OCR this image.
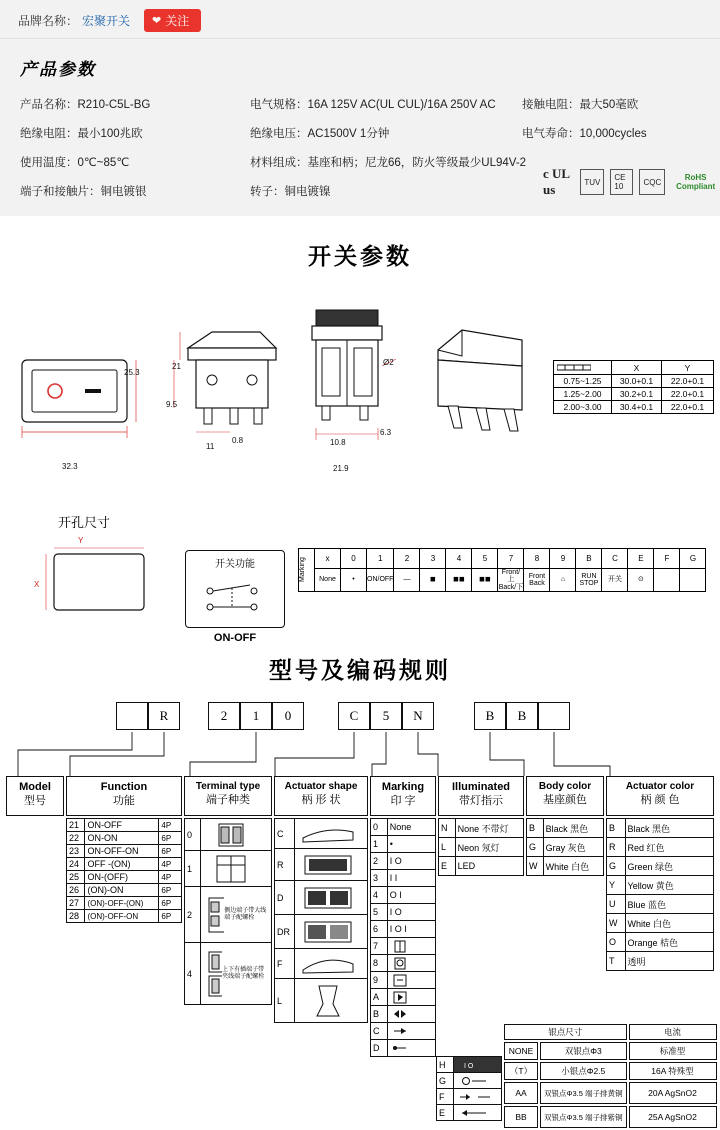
品牌名称： 宏聚开关 ❤ 关注
产品参数
产品名称：R210-C5L-BG	电气规格：16A 125V AC(UL CUL)/16A 250V AC 接触电阻：最大50毫欧
绝缘电阻：最小100兆欧	绝缘电压：AC1500V 1分钟	电气寿命：10,000cycles
使用温度：0℃~85℃	材料组成：基座和柄；尼龙66，防火等级最少UL94V-2
端子和接触片：铜电镀银	转子：铜电镀镍
c UL us	TUV	CE 10	CQC	RoHS Compliant
开关参数
32.3
25.3
21
9.5
11
0.8
Ø2
10.8
6.3
21.9
	X	Y
0.75~1.25	30.0+0.1	22.0+0.1
1.25~2.00	30.2+0.1	22.0+0.1
2.00~3.00	30.4+0.1	22.0+0.1
开孔尺寸
Y
X
开关功能
ON-OFF
Marking	x	0	1	2	3	4	5	7	8	9	B	C	E	F	G
	None	•	ON/OFF	—	◼	◼◼	◼◼	Front/上 Back/下	Front Back	⌂	RUN STOP	开关	⊙		
型号及编码规则
R	2	1	0	C	5	N	B	B
Model
型号
Function
功能
Terminal type
端子种类
Actuator shape
柄 形 状
Marking
印 字
Illuminated
带灯指示
Body color
基座颜色
Actuator color
柄 颜 色
21	ON-OFF	4P
22	ON-ON	6P
23	ON-OFF-ON	6P
24	OFF -(ON)	4P
25	ON-(OFF)	4P
26	(ON)-ON	6P
27	(ON)-OFF-(ON)	6P
28	(ON)-OFF-ON	6P
0	

1	

2	侧边端子带大线端子配螺栓

4	上下有插端子带夹线端子配螺栓
C	

R	

D	

DR	

F	

L	
0	None
1	•
2	I O
3	I I
4	O I
5	I O
6	I O I
7	

8	

9	

A	

B	

C	

D	
H	I O

G	

F	

E	
N	None 不带灯
L	Neon 氖灯
E	LED
B	Black 黑色
G	Gray 灰色
W	White 白色
B	Black 黑色
R	Red 红色
G	Green 绿色
Y	Yellow 黄色
U	Blue 蓝色
W	White 白色
O	Orange 桔色
T	透明
银点尺寸		电流
NONE	双银点Φ3	标准型
（T）	小银点Φ2.5	16A 特殊型
AA	双银点Φ3.5 端子排黄铜	20A AgSnO2
BB	双银点Φ3.5 端子排紫铜	25A AgSnO2
